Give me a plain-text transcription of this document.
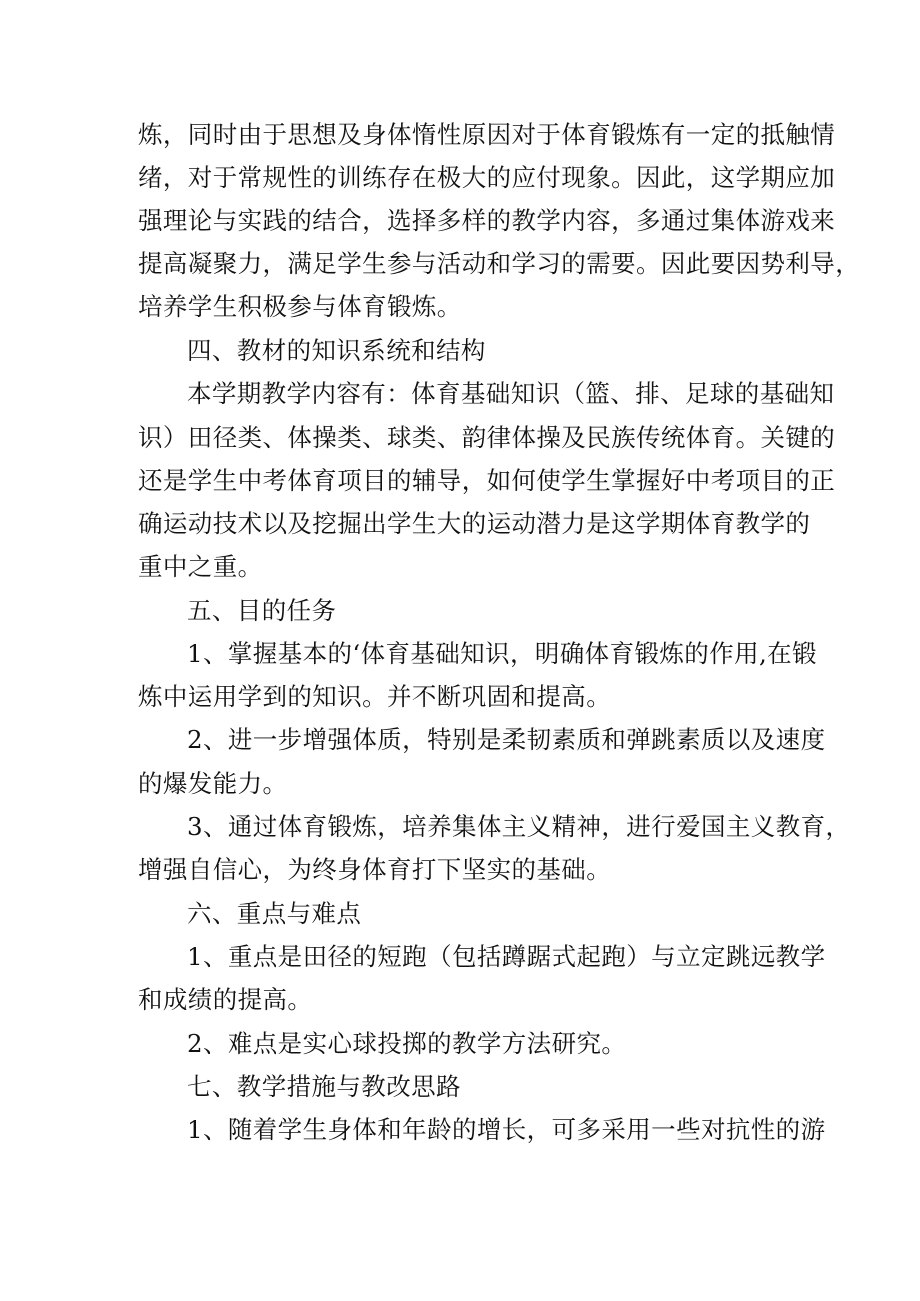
炼，同时由于思想及身体惰性原因对于体育锻炼有一定的抵触情
绪，对于常规性的训练存在极大的应付现象。因此，这学期应加
强理论与实践的结合，选择多样的教学内容，多通过集体游戏来
提高凝聚力，满足学生参与活动和学习的需要。因此要因势利导，
培养学生积极参与体育锻炼。
四、教材的知识系统和结构
本学期教学内容有：体育基础知识（篮、排、足球的基础知
识）田径类、体操类、球类、韵律体操及民族传统体育。关键的
还是学生中考体育项目的辅导，如何使学生掌握好中考项目的正
确运动技术以及挖掘出学生大的运动潜力是这学期体育教学的
重中之重。
五、目的任务
1、掌握基本的‘体育基础知识，明确体育锻炼的作用,在锻
炼中运用学到的知识。并不断巩固和提高。
2、进一步增强体质，特别是柔韧素质和弹跳素质以及速度
的爆发能力。
3、通过体育锻炼，培养集体主义精神，进行爱国主义教育，
增强自信心，为终身体育打下坚实的基础。
六、重点与难点
1、重点是田径的短跑（包括蹲踞式起跑）与立定跳远教学
和成绩的提高。
2、难点是实心球投掷的教学方法研究。
七、教学措施与教改思路
1、随着学生身体和年龄的增长，可多采用一些对抗性的游
